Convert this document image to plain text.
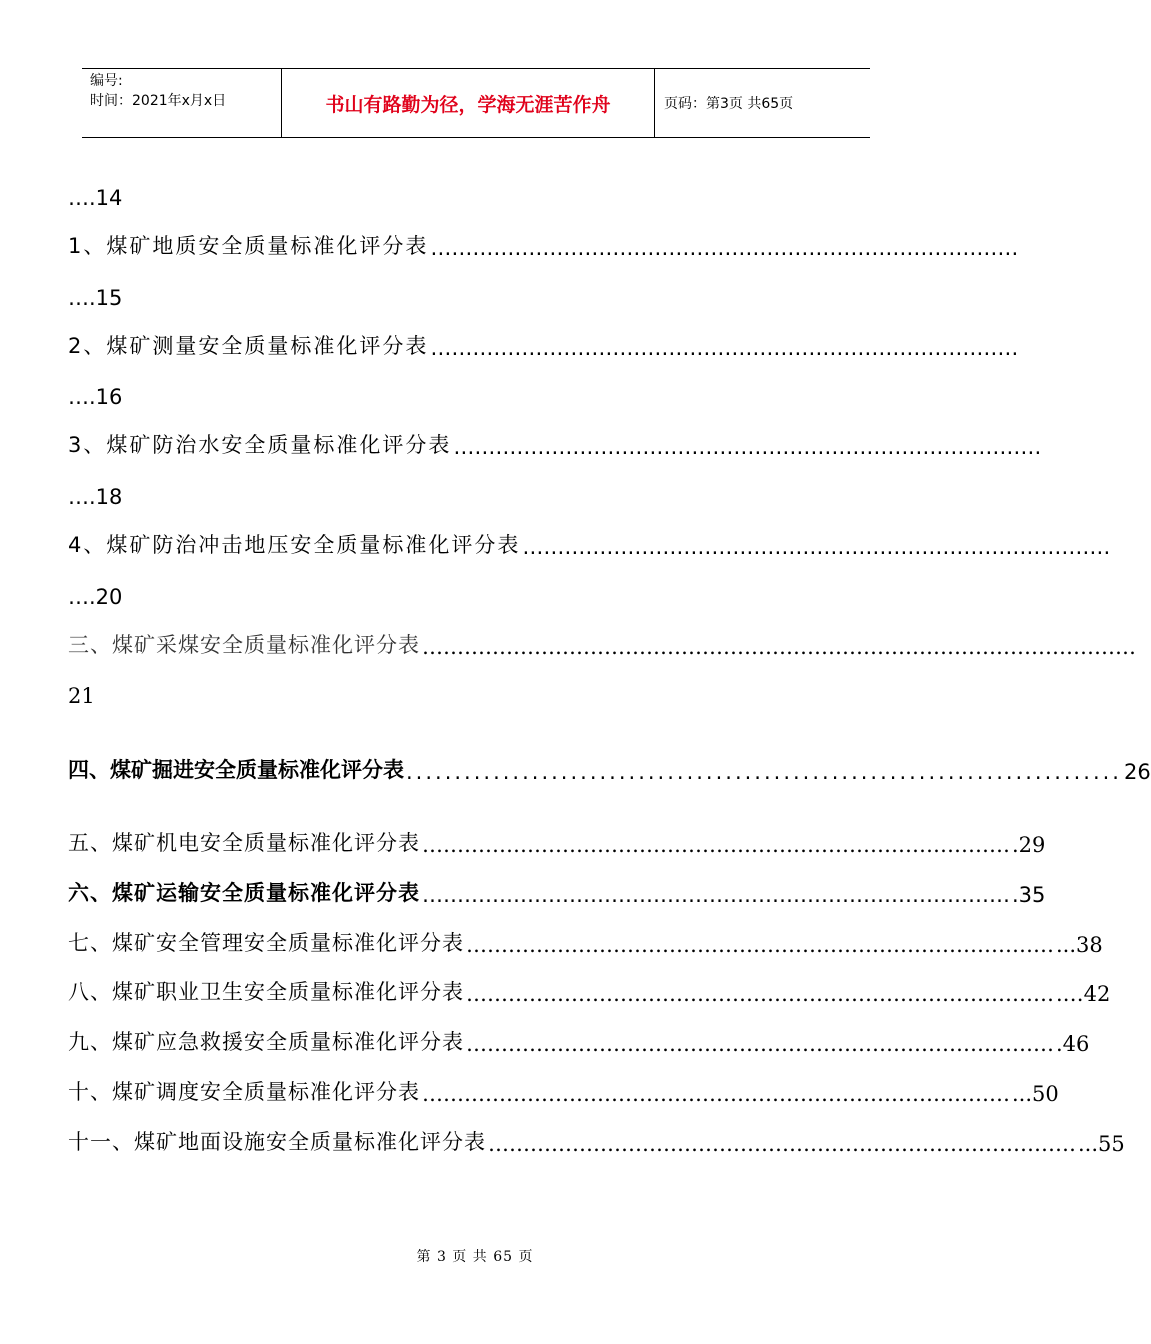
编号:
时间：2021年x月x日	书山有路勤为径，学海无涯苦作舟	页码：第3页 共65页
….14
1、煤矿地质安全质量标准化评分表 …………………………………………………………………………
….15
2、煤矿测量安全质量标准化评分表 …………………………………………………………………………
….16
3、煤矿防治水安全质量标准化评分表 …………………………………………………………………………
….18
4、煤矿防治冲击地压安全质量标准化评分表 …………………………………………………………………………
….20
三、煤矿采煤安全质量标准化评分表 …………………………………………………………………………………………
21
四、煤矿掘进安全质量标准化评分表 .......................................................................... 26
五、煤矿机电安全质量标准化评分表 ………………………………………………………………………… .29
六、煤矿运输安全质量标准化评分表 ………………………………………………………………………… .35
七、煤矿安全管理安全质量标准化评分表 ………………………………………………………………………… ...38
八、煤矿职业卫生安全质量标准化评分表 ………………………………………………………………………… .…42
九、煤矿应急救援安全质量标准化评分表 ………………………………………………………………………… .46
十、煤矿调度安全质量标准化评分表 ………………………………………………………………………… ...50
十一、煤矿地面设施安全质量标准化评分表 ………………………………………………………………………… ...55
第 3 页 共 65 页
